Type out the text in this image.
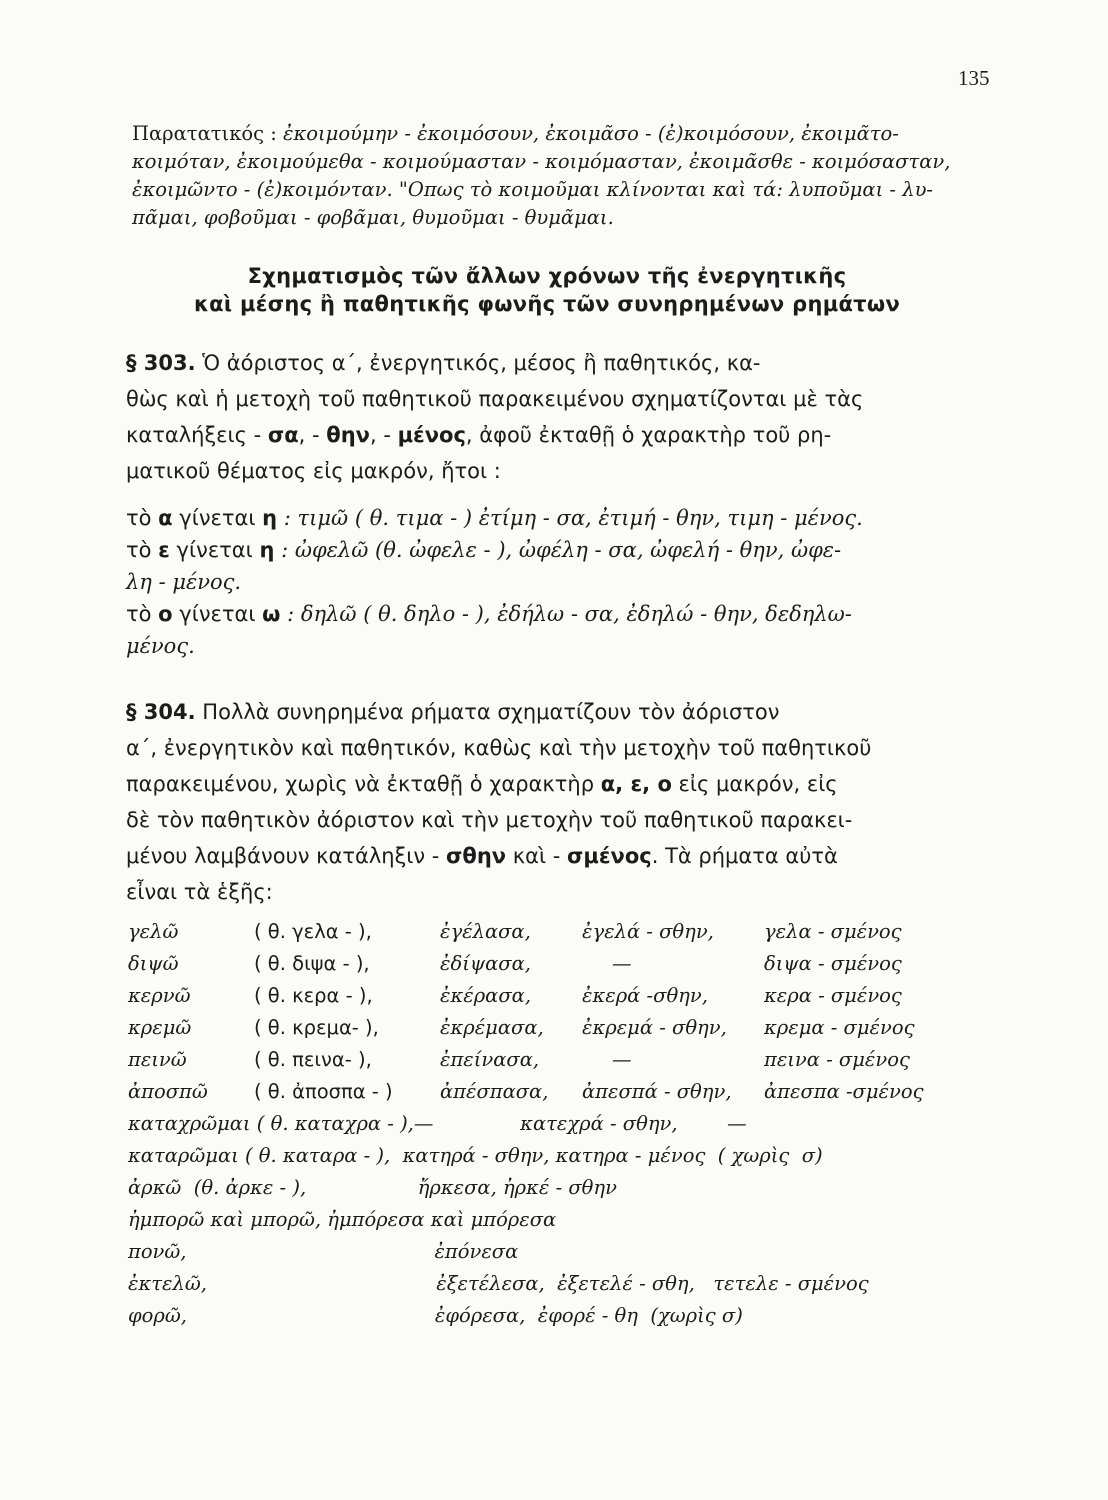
135
Παρατατικός : ἐκοιμούμην - ἐκοιμόσουν, ἐκοιμᾶσο - (ἐ)κοιμόσουν, ἐκοιμᾶτο-
κοιμόταν, ἐκοιμούμεθα - κοιμούμασταν - κοιμόμασταν, ἐκοιμᾶσθε - κοιμόσασταν,
ἐκοιμῶντο - (ἐ)κοιμόνταν. "Οπως τὸ κοιμοῦμαι κλίνονται καὶ τά: λυποῦμαι - λυ-
πᾶμαι, φοβοῦμαι - φοβᾶμαι, θυμοῦμαι - θυμᾶμαι.
Σχηματισμὸς τῶν ἄλλων χρόνων τῆς ἐνεργητικῆς
καὶ μέσης ἢ παθητικῆς φωνῆς τῶν συνηρημένων ρημάτων
§ 303. Ὁ ἀόριστος α΄, ἐνεργητικός, μέσος ἢ παθητικός, κα-
θὼς καὶ ἡ μετοχὴ τοῦ παθητικοῦ παρακειμένου σχηματίζονται μὲ τὰς
καταλήξεις - σα, - θην, - μένος, ἀφοῦ ἐκταθῇ ὁ χαρακτὴρ τοῦ ρη-
ματικοῦ θέματος εἰς μακρόν, ἤτοι :
τὸ α γίνεται η : τιμῶ ( θ. τιμα - ) ἐτίμη - σα, ἐτιμή - θην, τιμη - μένος.
τὸ ε γίνεται η : ὠφελῶ (θ. ὠφελε - ), ὠφέλη - σα, ὠφελή - θην, ὠφε-
λη - μένος.
τὸ ο γίνεται ω : δηλῶ ( θ. δηλο - ), ἐδήλω - σα, ἐδηλώ - θην, δεδηλω-
μένος.
§ 304. Πολλὰ συνηρημένα ρήματα σχηματίζουν τὸν ἀόριστον
α΄, ἐνεργητικὸν καὶ παθητικόν, καθὼς καὶ τὴν μετοχὴν τοῦ παθητικοῦ
παρακειμένου, χωρὶς νὰ ἐκταθῇ ὁ χαρακτὴρ α, ε, ο εἰς μακρόν, εἰς
δὲ τὸν παθητικὸν ἀόριστον καὶ τὴν μετοχὴν τοῦ παθητικοῦ παρακει-
μένου λαμβάνουν κατάληξιν - σθην καὶ - σμένος. Τὰ ρήματα αὐτὰ
εἶναι τὰ ἑξῆς:
γελῶ	( θ. γελα - ),	ἐγέλασα,	ἐγελά - σθην,	γελα - σμένος
διψῶ	( θ. διψα - ),	ἐδίψασα,	—	διψα - σμένος
κερνῶ	( θ. κερα - ),	ἐκέρασα,	ἐκερά -σθην,	κερα - σμένος
κρεμῶ	( θ. κρεμα- ),	ἐκρέμασα, ἐκρεμά - σθην, κρεμα - σμένος
πεινῶ	( θ. πεινα- ),	ἐπείνασα,	—	πεινα - σμένος
ἀποσπῶ ( θ. ἀποσπα - ) ἀπέσπασα, ἀπεσπά - σθην, ἀπεσπα -σμένος
καταχρῶμαι ( θ. καταχρα - ),—              κατεχρά - σθην,        —
καταρῶμαι ( θ. καταρα - ),  κατηρά - σθην, κατηρα - μένος  ( χωρὶς  σ)
ἀρκῶ  (θ. ἀρκε - ),                  ἤρκεσα, ἠρκέ - σθην
ἠμπορῶ καὶ μπορῶ, ἠμπόρεσα καὶ μπόρεσα
πονῶ,                                        ἐπόνεσα
ἐκτελῶ,                                     ἐξετέλεσα,  ἐξετελέ - σθη,   τετελε - σμένος
φορῶ,                                        ἐφόρεσα,  ἐφορέ - θη  (χωρὶς σ)
